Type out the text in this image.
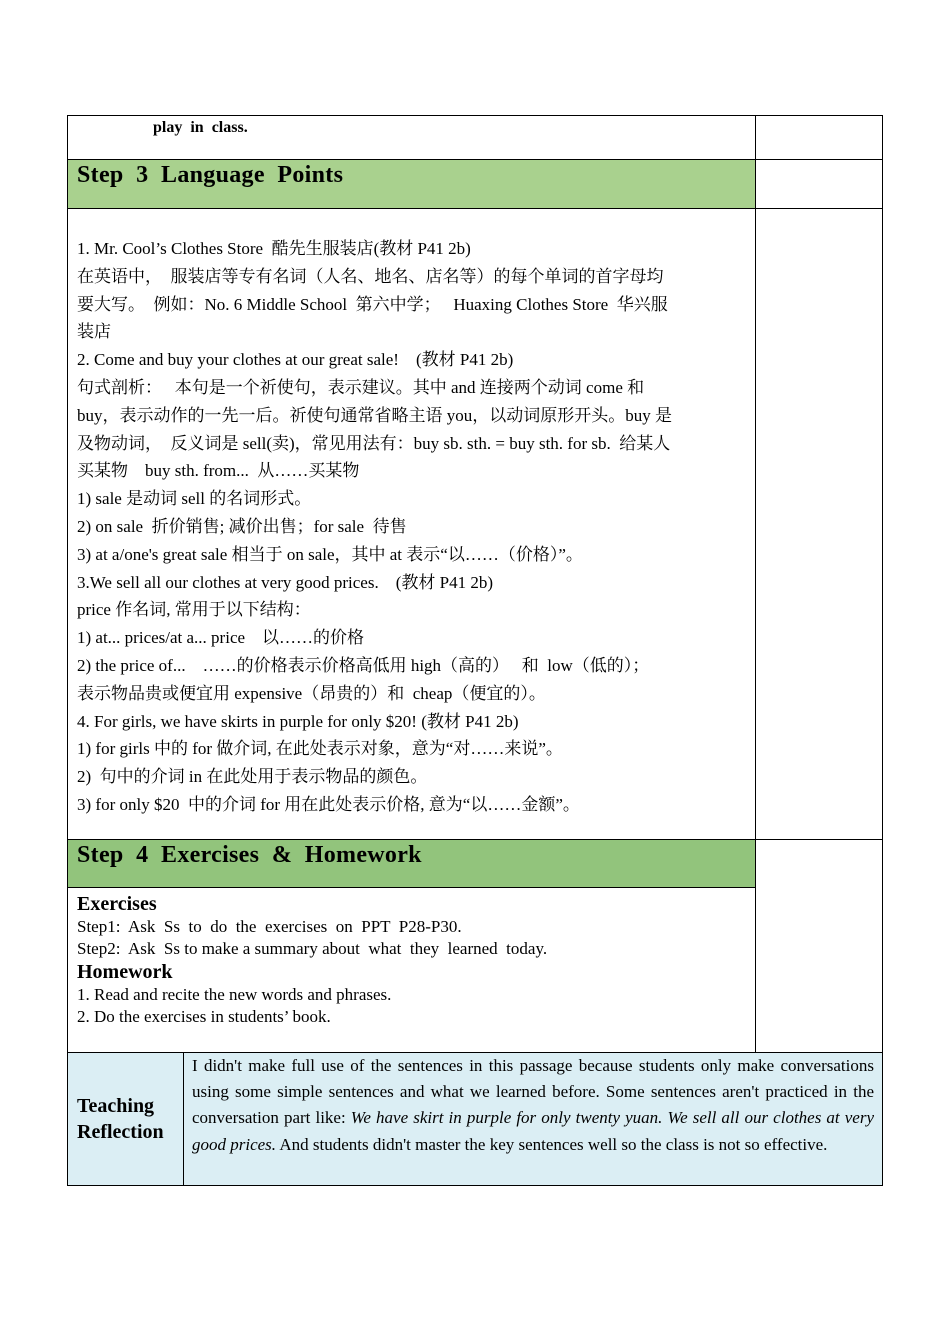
play  in  class.
Step  3  Language  Points
1. Mr. Cool’s Clothes Store  酷先生服装店(教材 P41 2b)
在英语中，  服装店等专有名词（人名、地名、店名等）的每个单词的首字母均
要大写。  例如：No. 6 Middle School  第六中学；   Huaxing Clothes Store  华兴服
装店
2. Come and buy your clothes at our great sale!    (教材 P41 2b)
句式剖析：   本句是一个祈使句，表示建议。其中 and 连接两个动词 come 和
buy，表示动作的一先一后。祈使句通常省略主语 you，以动词原形开头。buy 是
及物动词，  反义词是 sell(卖)，常见用法有：buy sb. sth. = buy sth. for sb.  给某人
买某物    buy sth. from...  从……买某物
1) sale 是动词 sell 的名词形式。
2) on sale  折价销售; 减价出售；for sale  待售
3) at a/one's great sale 相当于 on sale，其中 at 表示“以……（价格）”。
3.We sell all our clothes at very good prices.    (教材 P41 2b)
price 作名词, 常用于以下结构：
1) at... prices/at a... price    以……的价格
2) the price of...    ……的价格表示价格高低用 high（高的）   和  low（低的）；
表示物品贵或便宜用 expensive（昂贵的）和  cheap（便宜的）。
4. For girls, we have skirts in purple for only $20! (教材 P41 2b)
1) for girls 中的 for 做介词, 在此处表示对象，意为“对……来说”。
2)  句中的介词 in 在此处用于表示物品的颜色。
3) for only $20  中的介词 for 用在此处表示价格, 意为“以……金额”。
Step  4  Exercises  &  Homework
Exercises
Step1:  Ask  Ss  to  do  the  exercises  on  PPT  P28-P30.
Step2:  Ask  Ss to make a summary about  what  they  learned  today.
Homework
1. Read and recite the new words and phrases.
2. Do the exercises in students’ book.
Teaching
Reflection
I didn't make full use of the sentences in this passage because students only make conversations using some simple sentences and what we learned before. Some sentences aren't practiced in the conversation part like: We have skirt in purple for only twenty yuan. We sell all our clothes at very good prices. And students didn't master the key sentences well so the class is not so effective.
